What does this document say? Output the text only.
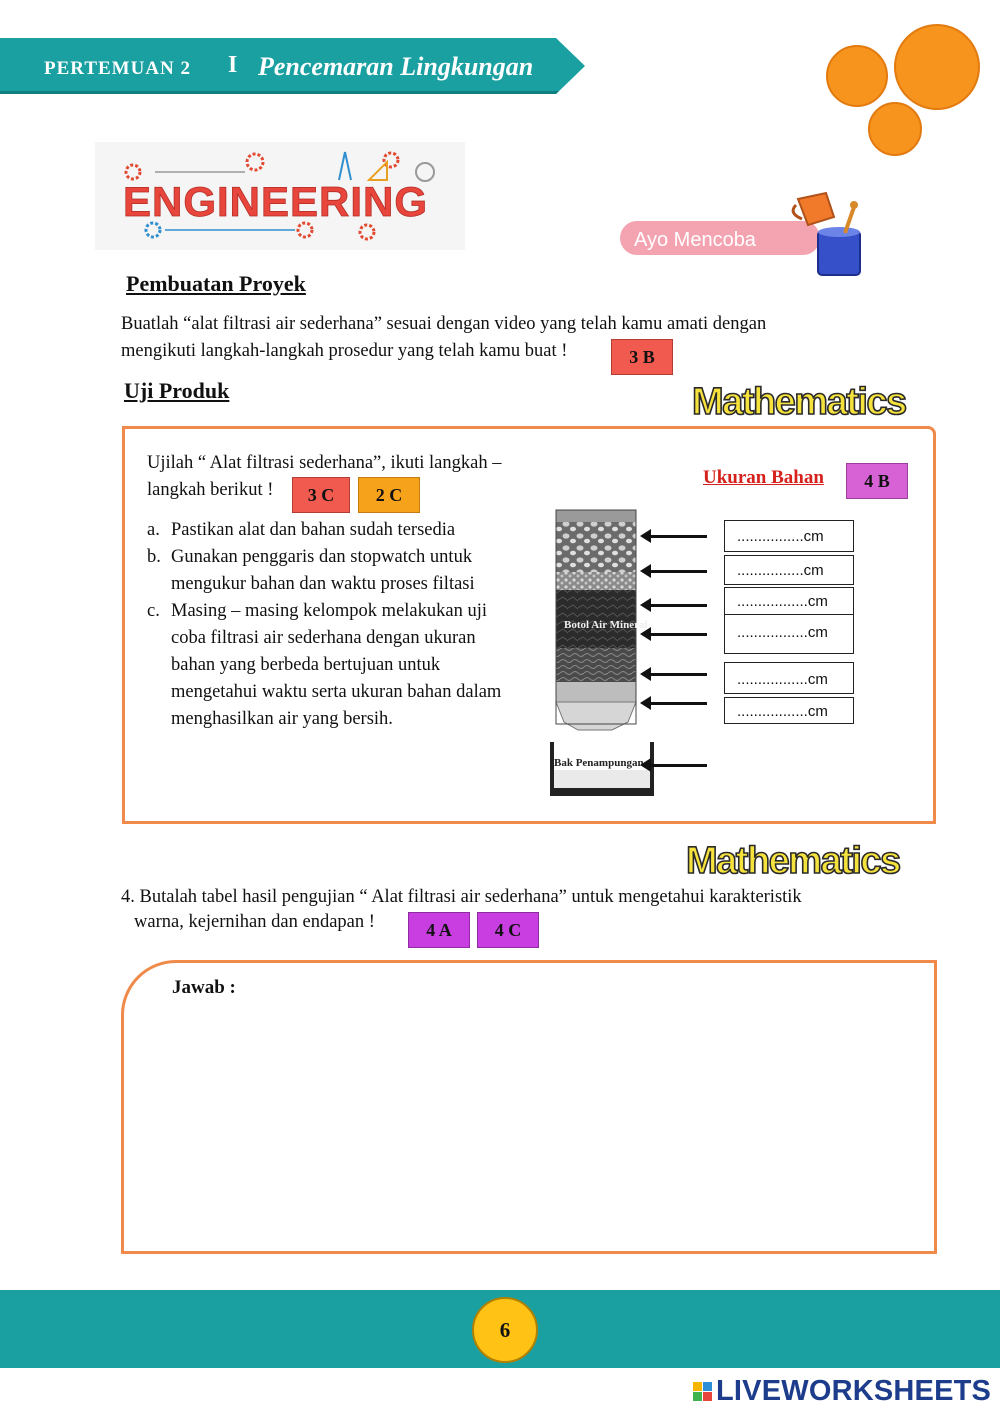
PERTEMUAN 2 I Pencemaran Lingkungan
ENGINEERING
Ayo Mencoba
Pembuatan Proyek
Buatlah “alat filtrasi air sederhana” sesuai dengan video yang telah kamu amati dengan
mengikuti langkah-langkah prosedur yang telah kamu buat !	3 B
Uji Produk	Mathematics
Ujilah “ Alat filtrasi sederhana”, ikuti langkah –
langkah berikut !	3 C	2 C
a. Pastikan alat dan bahan sudah tersedia
b. Gunakan penggaris dan stopwatch untuk
mengukur bahan dan waktu proses filtasi
c. Masing – masing kelompok melakukan uji
coba filtrasi air sederhana dengan ukuran
bahan yang berbeda bertujuan untuk
mengetahui waktu serta ukuran bahan dalam
menghasilkan air yang bersih.
Ukuran Bahan	4 B
Botol Air Mineral
Bak Penampungan
................cm
................cm
.................cm
.................cm
.................cm
.................cm
Mathematics
4. Butalah tabel hasil pengujian “ Alat filtrasi air sederhana” untuk mengetahui karakteristik
warna, kejernihan dan endapan !	4 A	4 C
Jawab :
6
LIVEWORKSHEETS
